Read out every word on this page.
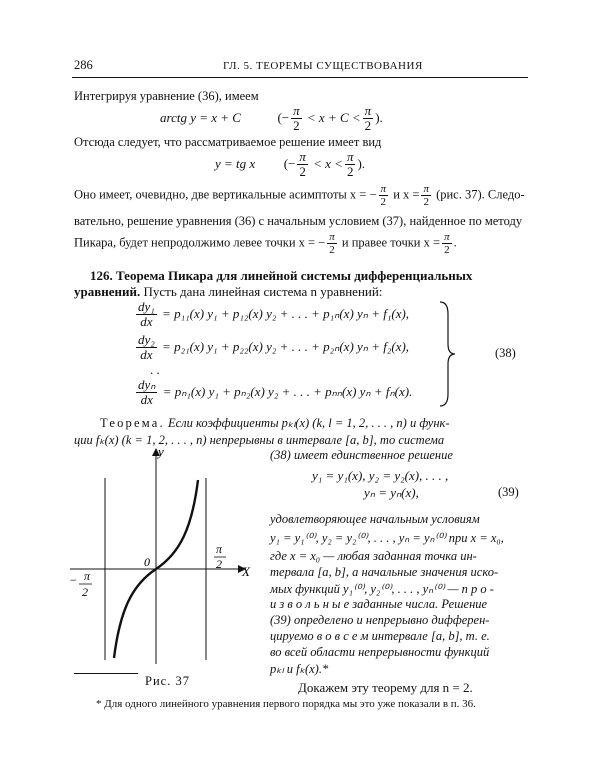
286	ГЛ. 5. ТЕОРЕМЫ СУЩЕСТВОВАНИЯ
Интегрируя уравнение (36), имеем
arctg y = x + C	(− $\frac{\pi}{2} < x + C < \frac{\pi}{2}$ ).
Отсюда следует, что рассматриваемое решение имеет вид
y = tg x (− $\frac{\pi}{2} < x < \frac{\pi}{2}$ ).
Оно имеет, очевидно, две вертикальные асимптоты x = − $\frac{\pi}{2}$ и $x = \frac{\pi}{2} (рис$. 37). Следо-
вательно, решение уравнения (36) с начальным условием (37), найденное по методу
Пикара, будет непродолжимо левее точки x = − $\frac{\pi}{2}$ и правее точки $x = \frac{\pi}{2}$ .
126. Теорема Пикара для линейной системы дифференциальных
уравнений. Пусть дана линейная система n уравнений:
$\frac{\text{dy₁}}{dx} = p_{11}(x) y_1 + p_{12}(x) y_2$ + . . . + p₁ₙ(x) yₙ + f₁(x),
$\frac{\text{dy₂}}{dx} = p_{21}(x) y_1 + p_{22}(x) y_2$ + . . . + p₂ₙ(x) yₙ + f₂(x),
. .
$\frac{\text{dyₙ}}{dx} = p_{n1}(x) y_1 + p_{n2}(x) y_2$ + . . . + pₙₙ(x) yₙ + fₙ(x).
(38)
Теорема. Если коэффициенты pₖₗ(x) (k, l = 1, 2, . . . , n) и функ-
ции fₖ(x) (k = 1, 2, . . . , n) непрерывны в интервале [a, b], то система
(38) имеет единственное решение
y₁ = y₁(x), y₂ = y₂(x), . . . ,
yₙ = yₙ(x),	(39)
удовлетворяющее начальным условиям
y₁ = y₁⁽⁰⁾, y₂ = y₂⁽⁰⁾, . . . , yₙ = yₙ⁽⁰⁾ при x = x₀,
где x = x₀ — любая заданная точка ин-
тервала [a, b], а начальные значения иско-
мых функций y₁⁽⁰⁾, y₂⁽⁰⁾, . . . , yₙ⁽⁰⁾ — п р о -
и з в о л ь н ы е заданные числа. Решение
(39) определено и непрерывно дифферен-
цируемо в о в с е м интервале [a, b], т. е.
во всей области непрерывности функций
pₖₗ и fₖ(x).*
Докажем эту теорему для n = 2.
y
X
0
π
2
− π
2
Рис. 37
* Для одного линейного уравнения первого порядка мы это уже показали в п. 36.
